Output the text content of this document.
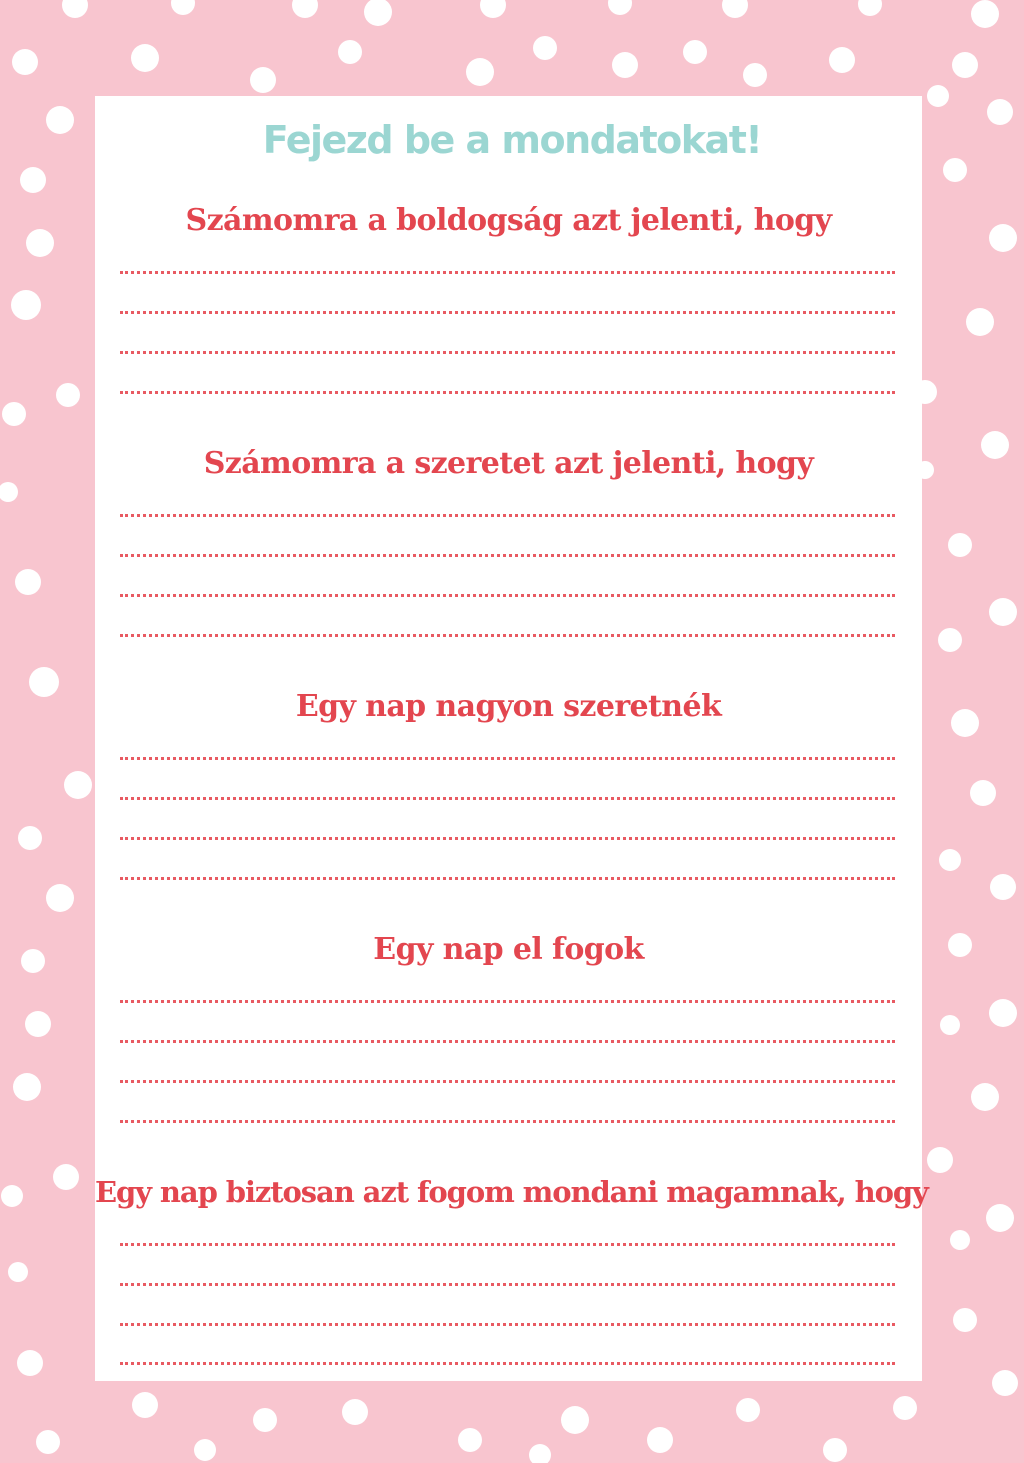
Fejezd be a mondatokat!

Számomra a boldogság azt jelenti, hogy

Számomra a szeretet azt jelenti, hogy

Egy nap nagyon szeretnék

Egy nap el fogok

Egy nap biztosan azt fogom mondani magamnak, hogy
